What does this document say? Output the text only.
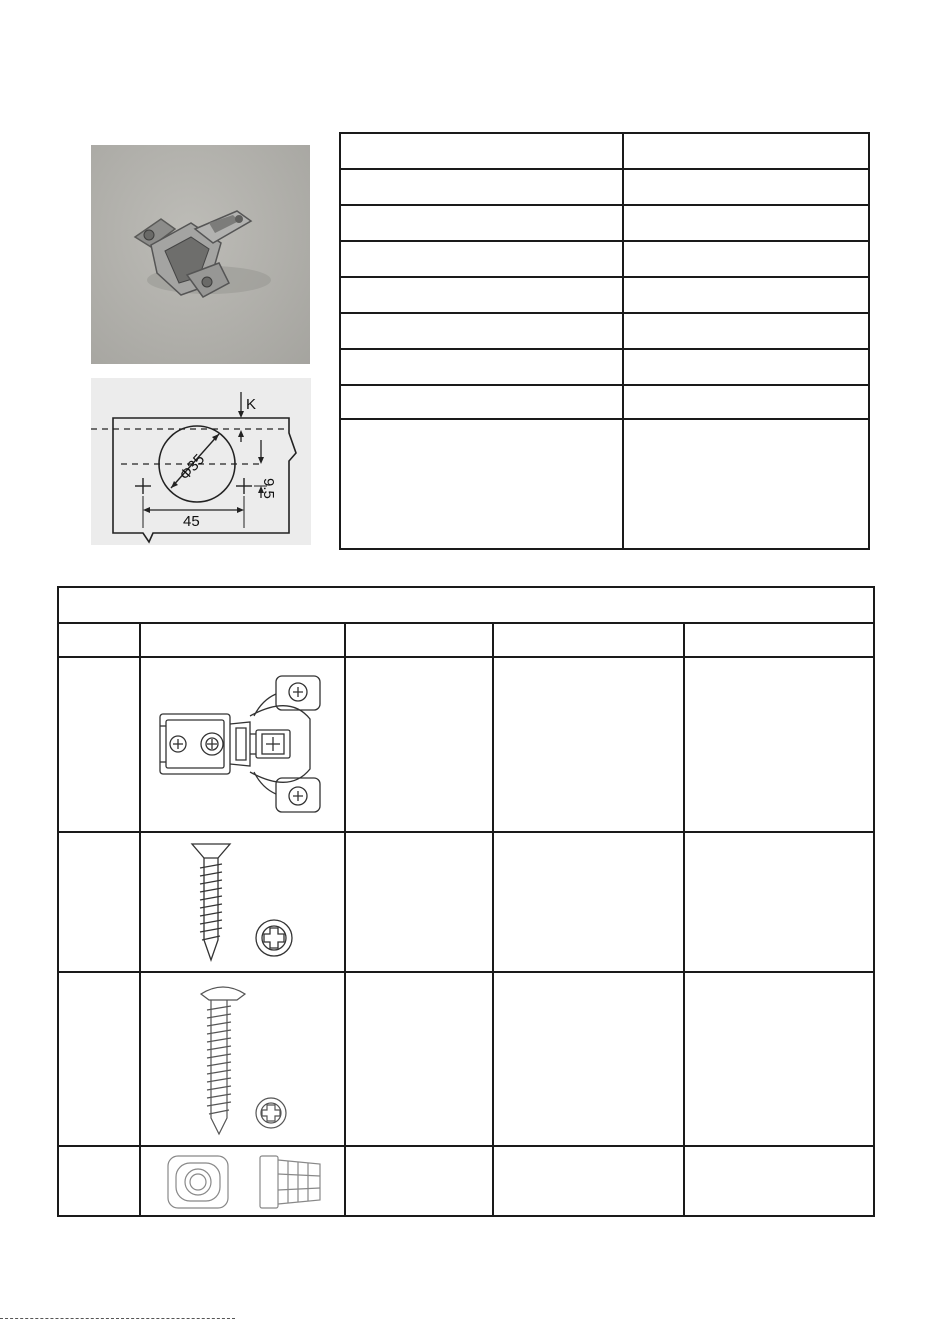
Φ35
K
9.5
45
